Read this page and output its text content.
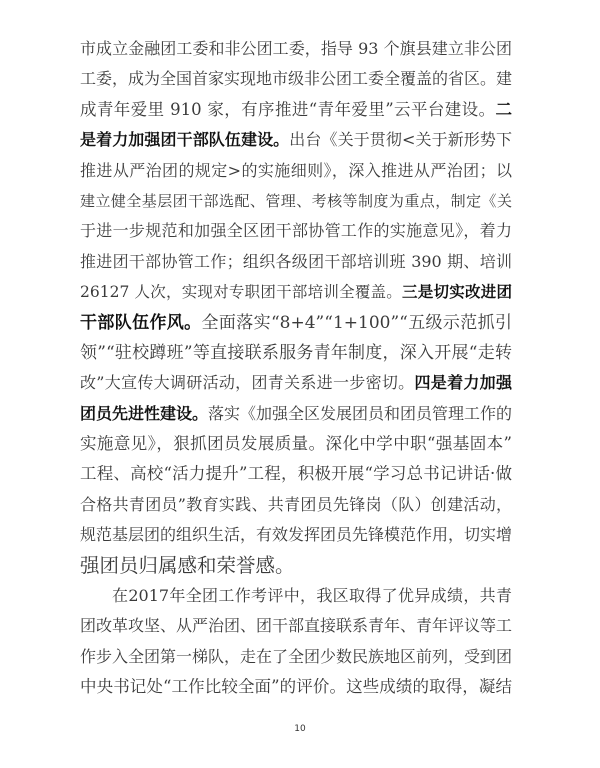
市成立金融团工委和非公团工委，指导 93 个旗县建立非公团
工委，成为全国首家实现地市级非公团工委全覆盖的省区。建
成青年爱里 910 家，有序推进“青年爱里”云平台建设。二
是着力加强团干部队伍建设。出台《关于贯彻<关于新形势下
推进从严治团的规定>的实施细则》，深入推进从严治团；以
建立健全基层团干部选配、管理、考核等制度为重点，制定《关
于进一步规范和加强全区团干部协管工作的实施意见》，着力
推进团干部协管工作；组织各级团干部培训班 390 期、培训
26127 人次，实现对专职团干部培训全覆盖。三是切实改进团
干部队伍作风。全面落实“8+4”“1+100”“五级示范抓引
领”“驻校蹲班”等直接联系服务青年制度，深入开展“走转
改”大宣传大调研活动，团青关系进一步密切。四是着力加强
团员先进性建设。落实《加强全区发展团员和团员管理工作的
实施意见》，狠抓团员发展质量。深化中学中职“强基固本”
工程、高校“活力提升”工程，积极开展“学习总书记讲话·做
合格共青团员”教育实践、共青团员先锋岗（队）创建活动，
规范基层团的组织生活，有效发挥团员先锋模范作用，切实增
强团员归属感和荣誉感。
在2017年全团工作考评中，我区取得了优异成绩，共青
团改革攻坚、从严治团、团干部直接联系青年、青年评议等工
作步入全团第一梯队，走在了全团少数民族地区前列，受到团
中央书记处“工作比较全面”的评价。这些成绩的取得，凝结
10
